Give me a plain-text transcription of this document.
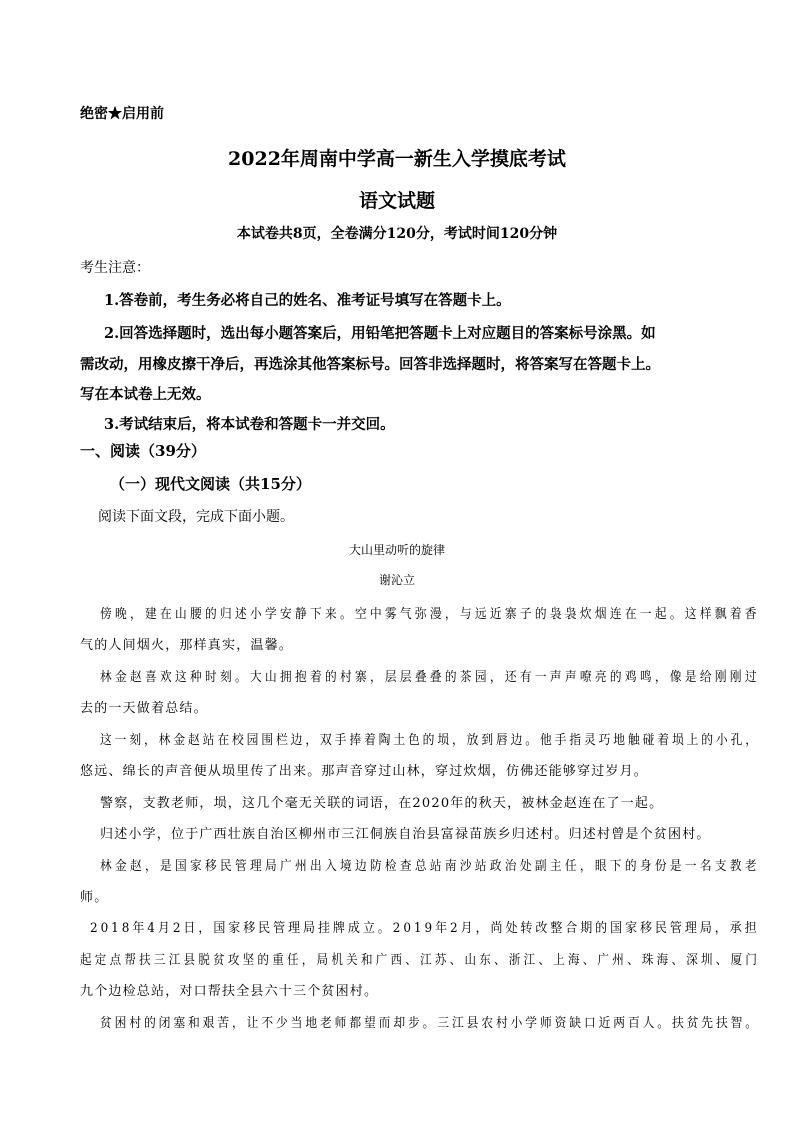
绝密★启用前
2022年周南中学高一新生入学摸底考试
语文试题
本试卷共8页，全卷满分120分，考试时间120分钟
考生注意：
1.答卷前，考生务必将自己的姓名、准考证号填写在答题卡上。
2.回答选择题时，选出每小题答案后，用铅笔把答题卡上对应题目的答案标号涂黑。如
需改动，用橡皮擦干净后，再选涂其他答案标号。回答非选择题时，将答案写在答题卡上。
写在本试卷上无效。
3.考试结束后，将本试卷和答题卡一并交回。
一、阅读（39分）
（一）现代文阅读（共15分）
阅读下面文段，完成下面小题。
大山里动听的旋律
谢沁立
傍晚，建在山腰的归述小学安静下来。空中雾气弥漫，与远近寨子的袅袅炊烟连在一起。这样飘着香
气的人间烟火，那样真实，温馨。
林金赵喜欢这种时刻。大山拥抱着的村寨，层层叠叠的茶园，还有一声声嘹亮的鸡鸣，像是给刚刚过
去的一天做着总结。
这一刻，林金赵站在校园围栏边，双手捧着陶土色的埙，放到唇边。他手指灵巧地触碰着埙上的小孔，
悠远、绵长的声音便从埙里传了出来。那声音穿过山林，穿过炊烟，仿佛还能够穿过岁月。
警察，支教老师，埙，这几个毫无关联的词语，在2020年的秋天，被林金赵连在了一起。
归述小学，位于广西壮族自治区柳州市三江侗族自治县富禄苗族乡归述村。归述村曾是个贫困村。
林金赵，是国家移民管理局广州出入境边防检查总站南沙站政治处副主任，眼下的身份是一名支教老
师。
2018年4月2日，国家移民管理局挂牌成立。2019年2月，尚处转改整合期的国家移民管理局，承担
起定点帮扶三江县脱贫攻坚的重任，局机关和广西、江苏、山东、浙江、上海、广州、珠海、深圳、厦门
九个边检总站，对口帮扶全县六十三个贫困村。
贫困村的闭塞和艰苦，让不少当地老师都望而却步。三江县农村小学师资缺口近两百人。扶贫先扶智。
